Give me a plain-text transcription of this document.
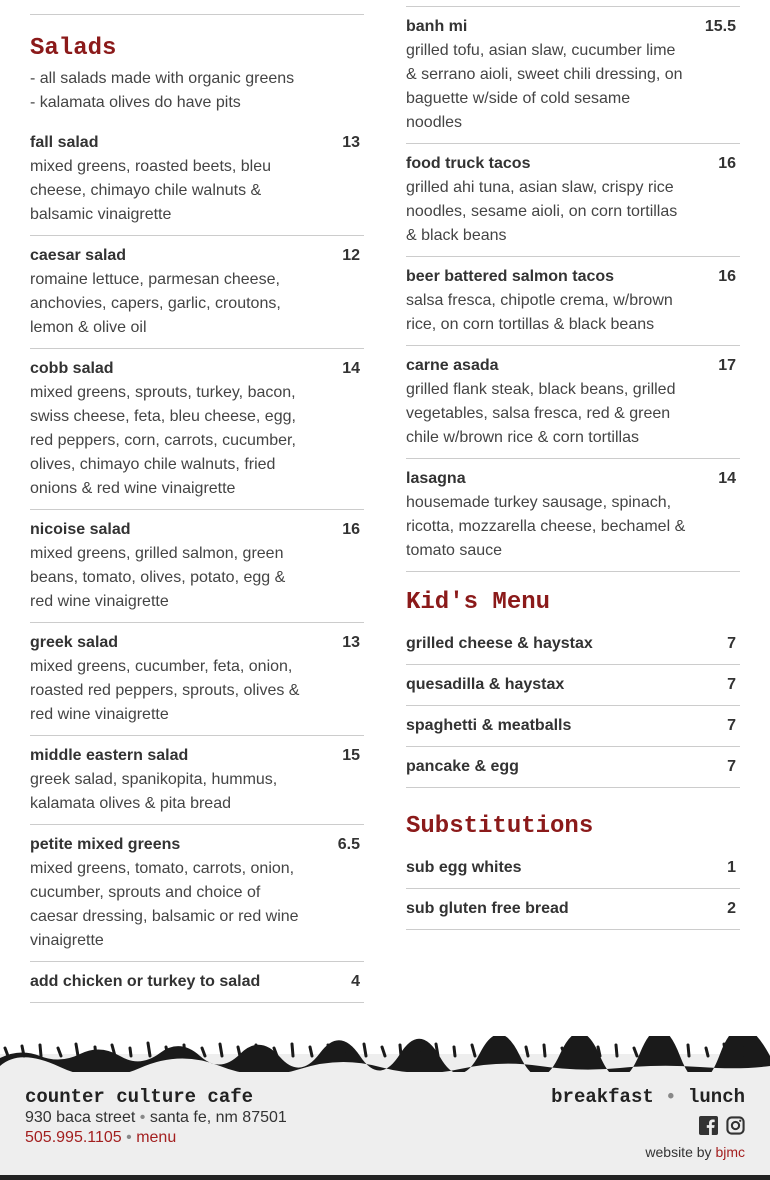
Salads
- all salads made with organic greens
- kalamata olives do have pits
fall salad	13
mixed greens, roasted beets, bleu cheese, chimayo chile walnuts & balsamic vinaigrette
caesar salad	12
romaine lettuce, parmesan cheese, anchovies, capers, garlic, croutons, lemon & olive oil
cobb salad	14
mixed greens, sprouts, turkey, bacon, swiss cheese, feta, bleu cheese, egg, red peppers, corn, carrots, cucumber, olives, chimayo chile walnuts, fried onions & red wine vinaigrette
nicoise salad	16
mixed greens, grilled salmon, green beans, tomato, olives, potato, egg & red wine vinaigrette
greek salad	13
mixed greens, cucumber, feta, onion, roasted red peppers, sprouts, olives & red wine vinaigrette
middle eastern salad	15
greek salad, spanikopita, hummus, kalamata olives & pita bread
petite mixed greens	6.5
mixed greens, tomato, carrots, onion, cucumber, sprouts and choice of caesar dressing, balsamic or red wine vinaigrette
add chicken or turkey to salad	4
banh mi	15.5
grilled tofu, asian slaw, cucumber lime & serrano aioli, sweet chili dressing, on baguette w/side of cold sesame noodles
food truck tacos	16
grilled ahi tuna, asian slaw, crispy rice noodles, sesame aioli, on corn tortillas & black beans
beer battered salmon tacos	16
salsa fresca, chipotle crema, w/brown rice, on corn tortillas & black beans
carne asada	17
grilled flank steak, black beans, grilled vegetables, salsa fresca, red & green chile w/brown rice & corn tortillas
lasagna	14
housemade turkey sausage, spinach, ricotta, mozzarella cheese, bechamel & tomato sauce
Kid's Menu
grilled cheese & haystax	7
quesadilla & haystax	7
spaghetti & meatballs	7
pancake & egg	7
Substitutions
sub egg whites	1
sub gluten free bread	2
counter culture cafe
930 baca street • santa fe, nm 87501
505.995.1105 • menu
breakfast • lunch
website by bjmc
